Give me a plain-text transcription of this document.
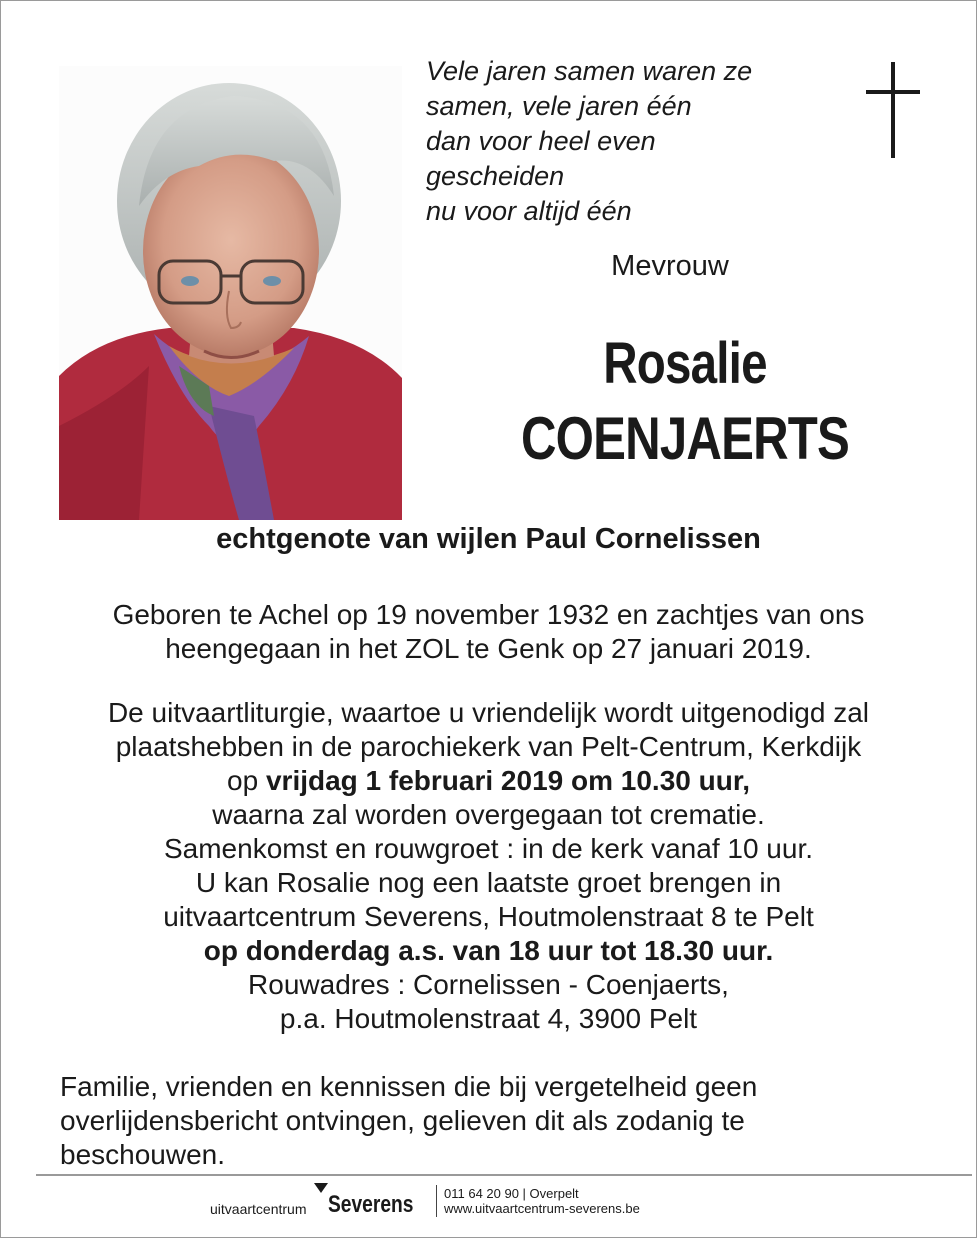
Vele jaren samen waren ze
samen, vele jaren één
dan voor heel even
gescheiden
nu voor altijd één
Mevrouw
Rosalie
COENJAERTS
echtgenote van wijlen Paul Cornelissen
Geboren te Achel op 19 november 1932 en zachtjes van ons
heengegaan in het ZOL te Genk op 27 januari 2019.
De uitvaartliturgie, waartoe u vriendelijk wordt uitgenodigd zal
plaatshebben in de parochiekerk van Pelt-Centrum, Kerkdijk
op vrijdag 1 februari 2019 om 10.30 uur,
waarna zal worden overgegaan tot crematie.
Samenkomst en rouwgroet : in de kerk vanaf 10 uur.
U kan Rosalie nog een laatste groet brengen in
uitvaartcentrum Severens, Houtmolenstraat 8 te Pelt
op donderdag a.s. van 18 uur tot 18.30 uur.
Rouwadres : Cornelissen - Coenjaerts,
p.a. Houtmolenstraat 4, 3900 Pelt
Familie, vrienden en kennissen die bij vergetelheid geen
overlijdensbericht ontvingen, gelieven dit als zodanig te
beschouwen.
uitvaartcentrum Severens 011 64 20 90 | Overpelt
www.uitvaartcentrum-severens.be
